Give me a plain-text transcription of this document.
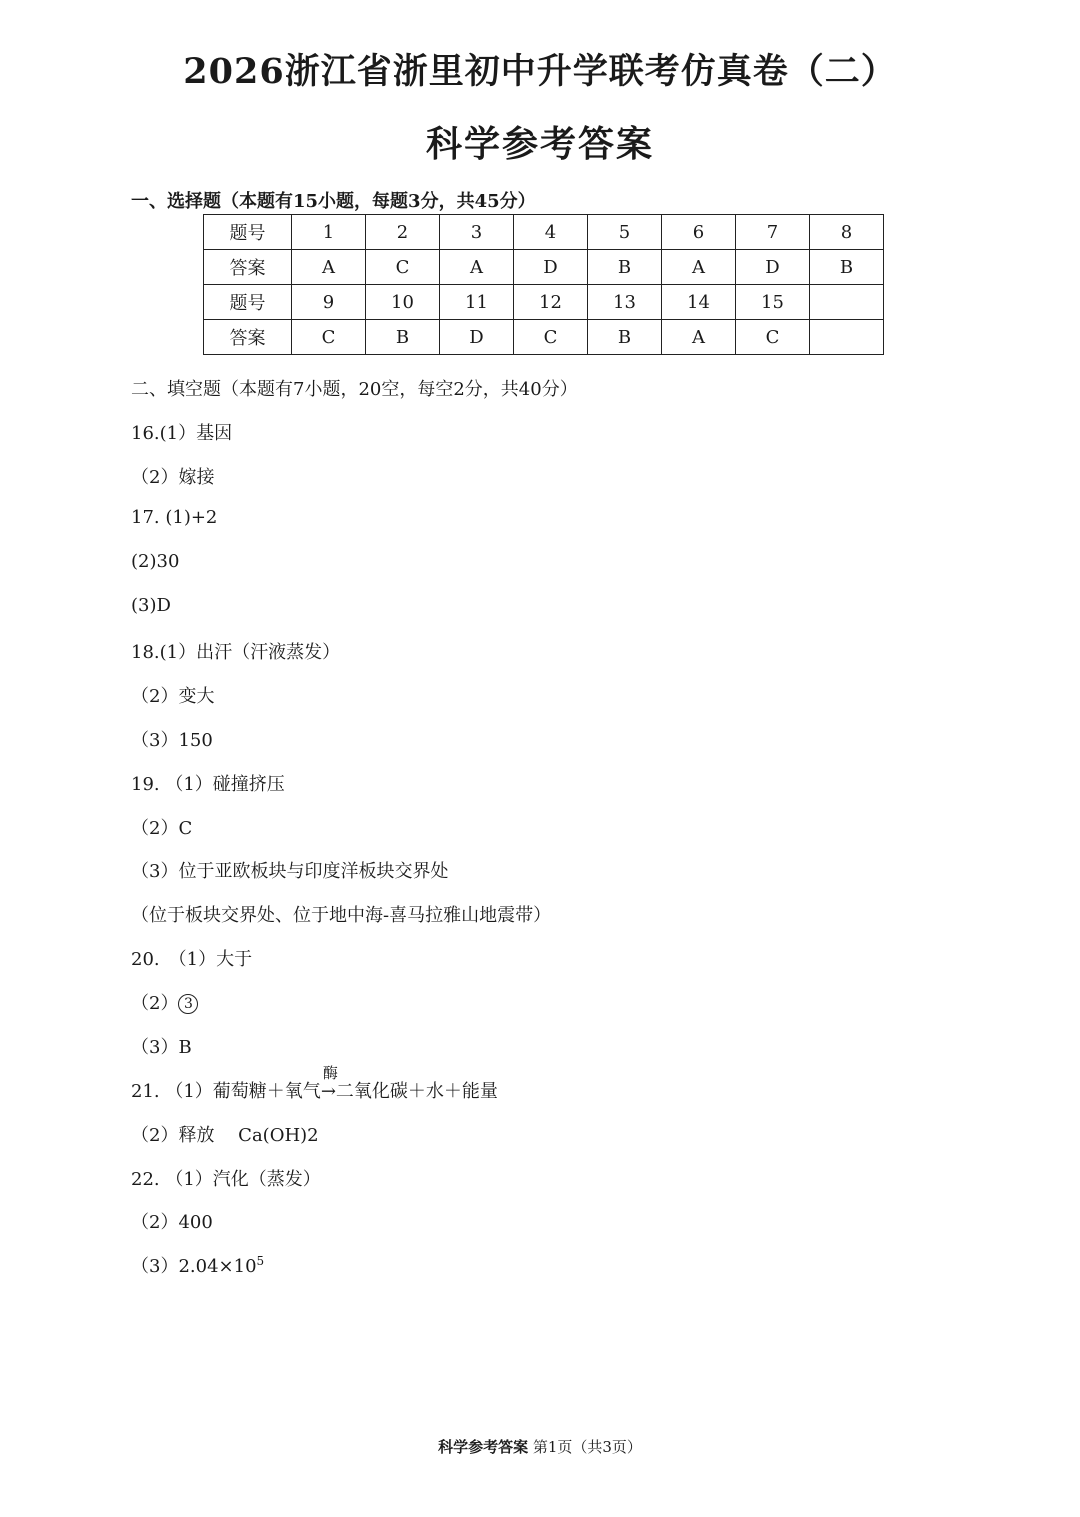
2026浙江省浙里初中升学联考仿真卷（二）
科学参考答案
一、选择题（本题有15小题，每题3分，共45分）
题号	1	2	3	4	5	6	7	8
答案	A	C	A	D	B	A	D	B
题号	9	10	11	12	13	14	15	
答案	C	B	D	C	B	A	C	
二、填空题（本题有7小题，20空，每空2分，共40分）
16.(1）基因
（2）嫁接
17. (1)+2
(2)30
(3)D
18.(1）出汗（汗液蒸发）
（2）变大
（3）150
19. （1）碰撞挤压
（2）C
（3）位于亚欧板块与印度洋板块交界处
（位于板块交界处、位于地中海-喜马拉雅山地震带）
20.　（1）大于
（2） 3
（3）B
21. （1）葡萄糖＋氧气
酶
→二氧化碳＋水＋能量
（2）释放　 Ca(OH)2
22. （1）汽化（蒸发）
（2）400
$(3)2.04\times 10^5$
科学参考答案 第1页（共3页）
